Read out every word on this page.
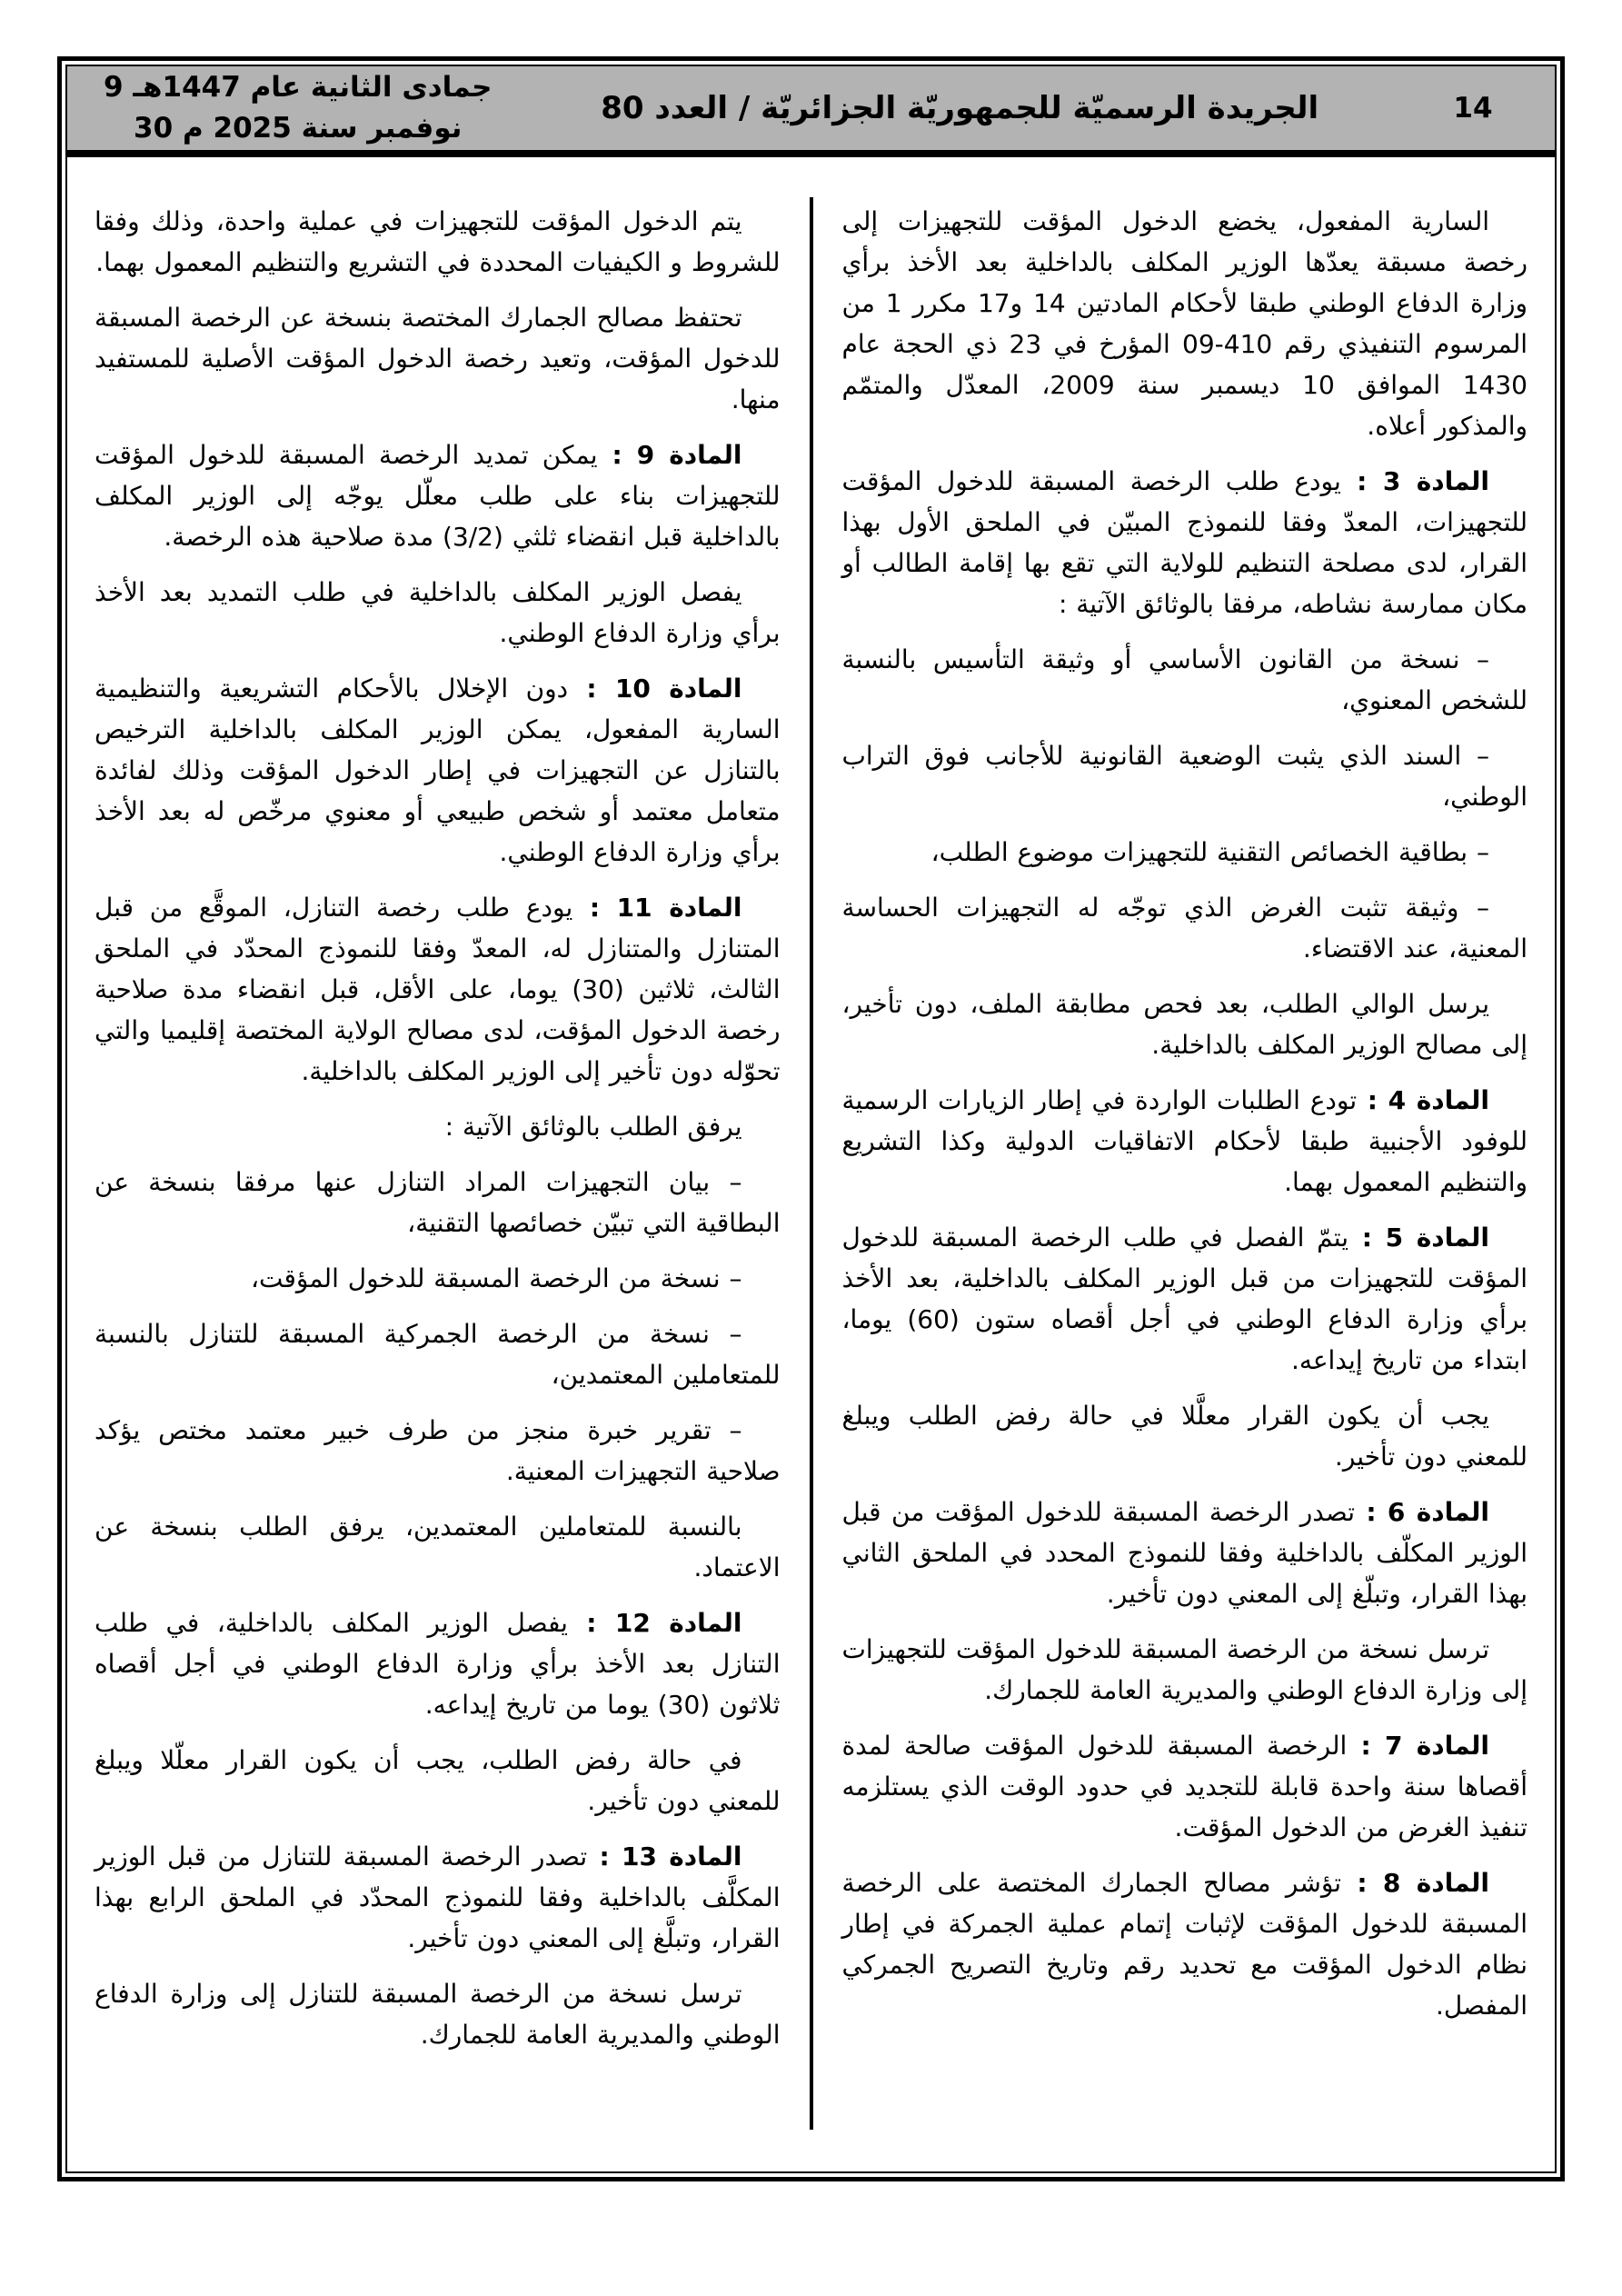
9 جمادى الثانية عام 1447هـ
30 نوفمبر سنة 2025 م
الجريدة الرسميّة للجمهوريّة الجزائريّة / العدد 80	14

السارية المفعول، يخضع الدخول المؤقت للتجهيزات إلى رخصة مسبقة يعدّها الوزير المكلف بالداخلية بعد الأخذ برأي وزارة الدفاع الوطني طبقا لأحكام المادتين 14 و17 مكرر 1 من المرسوم التنفيذي رقم 410-09 المؤرخ في 23 ذي الحجة عام 1430 الموافق 10 ديسمبر سنة 2009، المعدّل والمتمّم والمذكور أعلاه.

المادة 3 : يودع طلب الرخصة المسبقة للدخول المؤقت للتجهيزات، المعدّ وفقا للنموذج المبيّن في الملحق الأول بهذا القرار، لدى مصلحة التنظيم للولاية التي تقع بها إقامة الطالب أو مكان ممارسة نشاطه، مرفقا بالوثائق الآتية :

– نسخة من القانون الأساسي أو وثيقة التأسيس بالنسبة للشخص المعنوي،

– السند الذي يثبت الوضعية القانونية للأجانب فوق التراب الوطني،

– بطاقية الخصائص التقنية للتجهيزات موضوع الطلب،

– وثيقة تثبت الغرض الذي توجّه له التجهيزات الحساسة المعنية، عند الاقتضاء.

يرسل الوالي الطلب، بعد فحص مطابقة الملف، دون تأخير، إلى مصالح الوزير المكلف بالداخلية.

المادة 4 : تودع الطلبات الواردة في إطار الزيارات الرسمية للوفود الأجنبية طبقا لأحكام الاتفاقيات الدولية وكذا التشريع والتنظيم المعمول بهما.

المادة 5 : يتمّ الفصل في طلب الرخصة المسبقة للدخول المؤقت للتجهيزات من قبل الوزير المكلف بالداخلية، بعد الأخذ برأي وزارة الدفاع الوطني في أجل أقصاه ستون (60) يوما، ابتداء من تاريخ إيداعه.

يجب أن يكون القرار معلَّلا في حالة رفض الطلب ويبلغ للمعني دون تأخير.

المادة 6 : تصدر الرخصة المسبقة للدخول المؤقت من قبل الوزير المكلّف بالداخلية وفقا للنموذج المحدد في الملحق الثاني بهذا القرار، وتبلّغ إلى المعني دون تأخير.

ترسل نسخة من الرخصة المسبقة للدخول المؤقت للتجهيزات إلى وزارة الدفاع الوطني والمديرية العامة للجمارك.

المادة 7 : الرخصة المسبقة للدخول المؤقت صالحة لمدة أقصاها سنة واحدة قابلة للتجديد في حدود الوقت الذي يستلزمه تنفيذ الغرض من الدخول المؤقت.

المادة 8 : تؤشر مصالح الجمارك المختصة على الرخصة المسبقة للدخول المؤقت لإثبات إتمام عملية الجمركة في إطار نظام الدخول المؤقت مع تحديد رقم وتاريخ التصريح الجمركي المفصل.

يتم الدخول المؤقت للتجهيزات في عملية واحدة، وذلك وفقا للشروط و الكيفيات المحددة في التشريع والتنظيم المعمول بهما.

تحتفظ مصالح الجمارك المختصة بنسخة عن الرخصة المسبقة للدخول المؤقت، وتعيد رخصة الدخول المؤقت الأصلية للمستفيد منها.

المادة 9 : يمكن تمديد الرخصة المسبقة للدخول المؤقت للتجهيزات بناء على طلب معلّل يوجّه إلى الوزير المكلف بالداخلية قبل انقضاء ثلثي (3/2) مدة صلاحية هذه الرخصة.

يفصل الوزير المكلف بالداخلية في طلب التمديد بعد الأخذ برأي وزارة الدفاع الوطني.

المادة 10 : دون الإخلال بالأحكام التشريعية والتنظيمية السارية المفعول، يمكن الوزير المكلف بالداخلية الترخيص بالتنازل عن التجهيزات في إطار الدخول المؤقت وذلك لفائدة متعامل معتمد أو شخص طبيعي أو معنوي مرخّص له بعد الأخذ برأي وزارة الدفاع الوطني.

المادة 11 : يودع طلب رخصة التنازل، الموقَّع من قبل المتنازل والمتنازل له، المعدّ وفقا للنموذج المحدّد في الملحق الثالث، ثلاثين (30) يوما، على الأقل، قبل انقضاء مدة صلاحية رخصة الدخول المؤقت، لدى مصالح الولاية المختصة إقليميا والتي تحوّله دون تأخير إلى الوزير المكلف بالداخلية.

يرفق الطلب بالوثائق الآتية :

– بيان التجهيزات المراد التنازل عنها مرفقا بنسخة عن البطاقية التي تبيّن خصائصها التقنية،

– نسخة من الرخصة المسبقة للدخول المؤقت،

– نسخة من الرخصة الجمركية المسبقة للتنازل بالنسبة للمتعاملين المعتمدين،

– تقرير خبرة منجز من طرف خبير معتمد مختص يؤكد صلاحية التجهيزات المعنية.

بالنسبة للمتعاملين المعتمدين، يرفق الطلب بنسخة عن الاعتماد.

المادة 12 : يفصل الوزير المكلف بالداخلية، في طلب التنازل بعد الأخذ برأي وزارة الدفاع الوطني في أجل أقصاه ثلاثون (30) يوما من تاريخ إيداعه.

في حالة رفض الطلب، يجب أن يكون القرار معلّلا ويبلغ للمعني دون تأخير.

المادة 13 : تصدر الرخصة المسبقة للتنازل من قبل الوزير المكلَّف بالداخلية وفقا للنموذج المحدّد في الملحق الرابع بهذا القرار، وتبلَّغ إلى المعني دون تأخير.

ترسل نسخة من الرخصة المسبقة للتنازل إلى وزارة الدفاع الوطني والمديرية العامة للجمارك.
